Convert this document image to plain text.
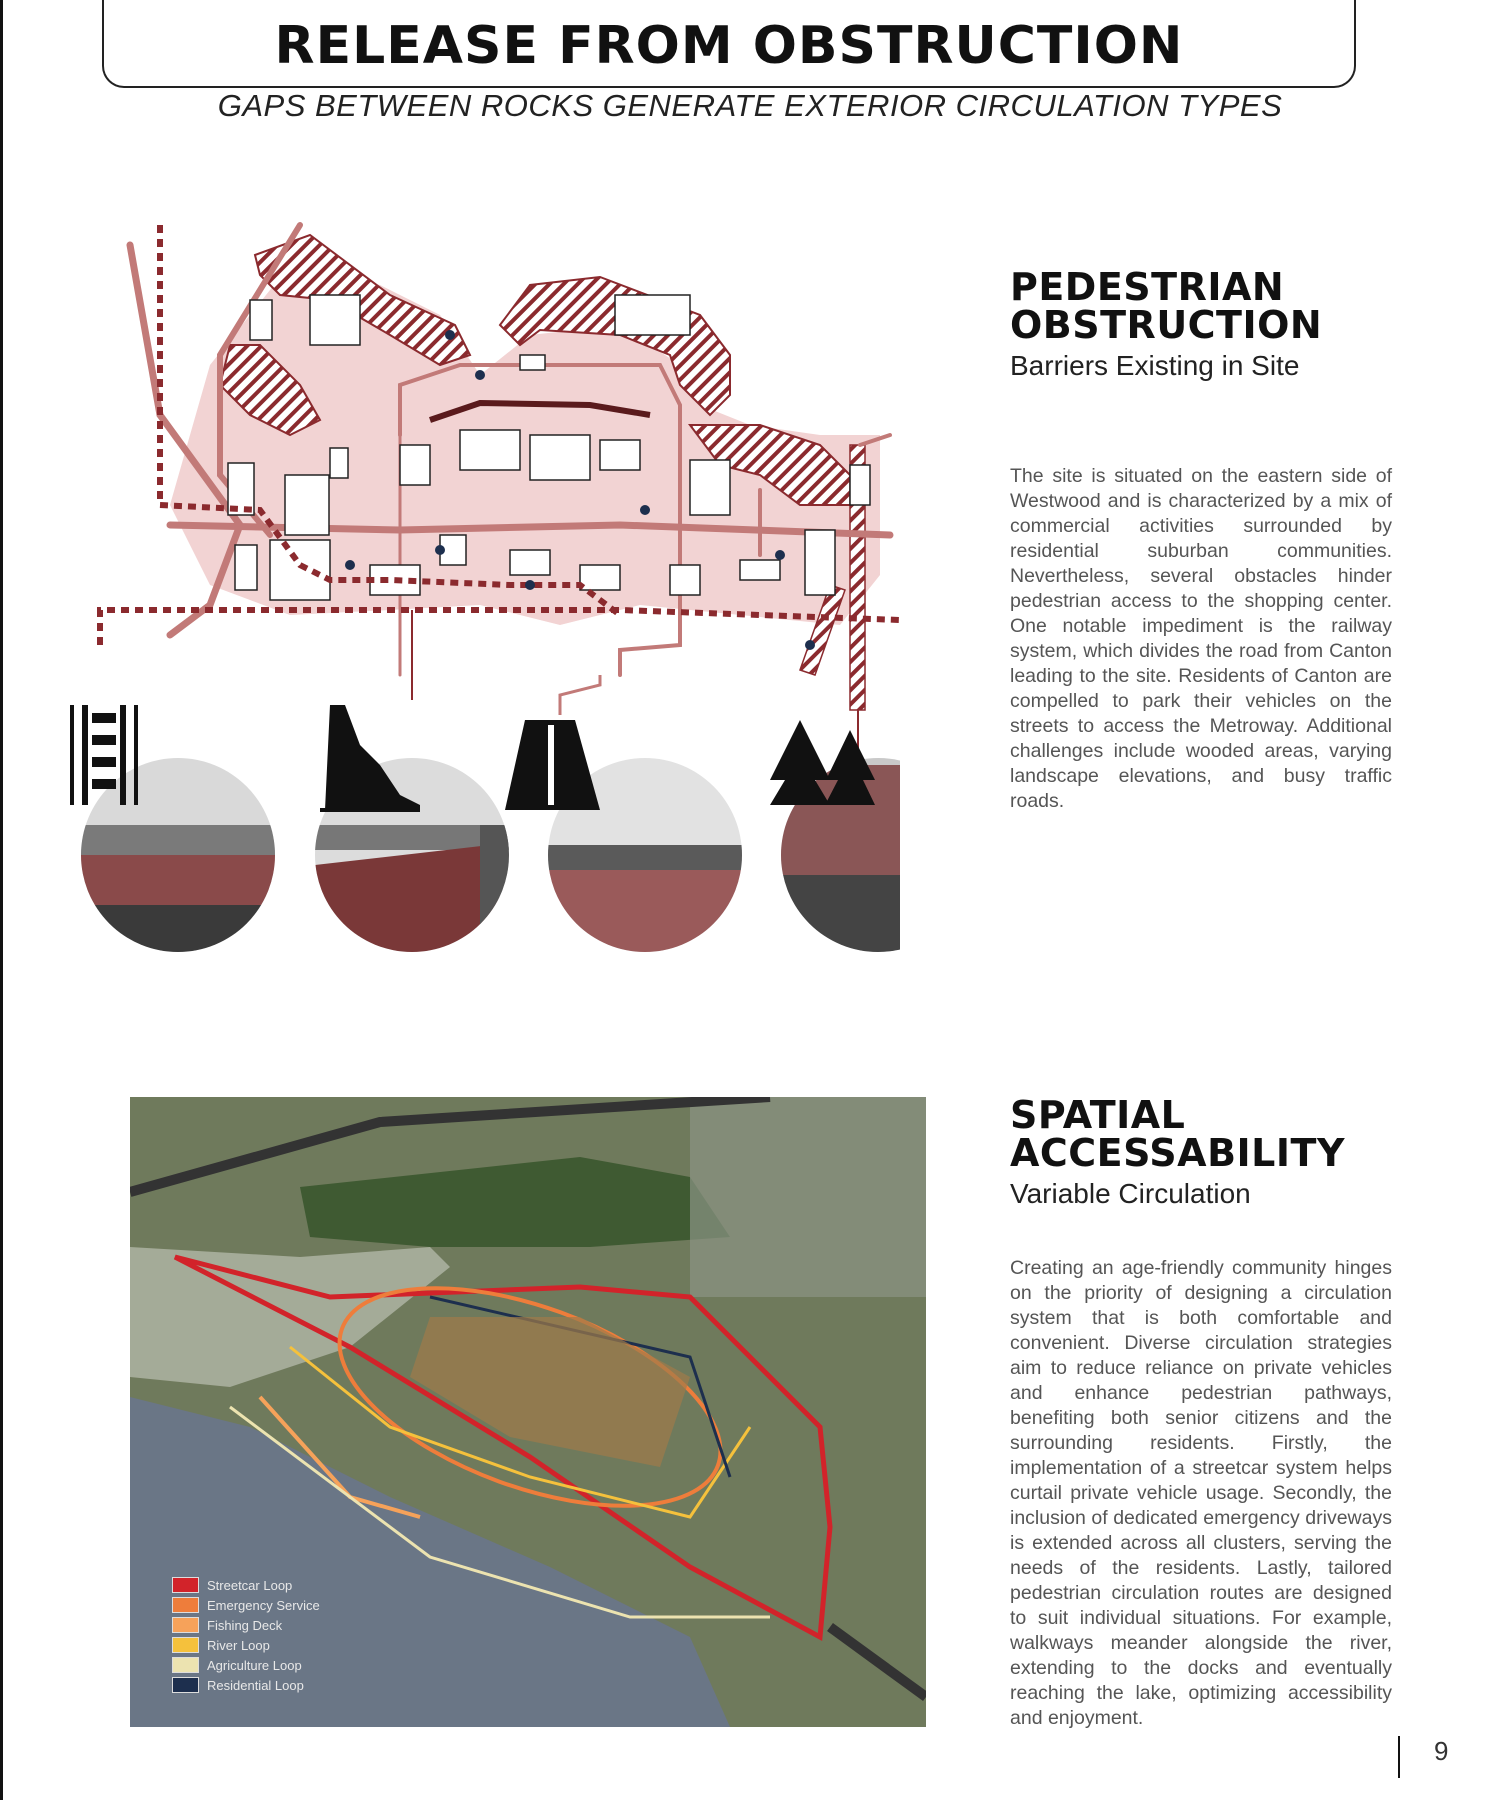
RELEASE FROM OBSTRUCTION
GAPS BETWEEN ROCKS GENERATE EXTERIOR CIRCULATION TYPES
PEDESTRIAN
OBSTRUCTION
Barriers Existing in Site

The site is situated on the eastern side of Westwood and is characterized by a mix of commercial activities surrounded by residential suburban communities. Nevertheless, several obstacles hinder pedestrian access to the shopping center. One notable impediment is the railway system, which divides the road from Canton leading to the site. Residents of Canton are compelled to park their vehicles on the streets to access the Metroway. Additional challenges include wooded areas, varying landscape elevations, and busy traffic roads.

Streetcar Loop
Emergency Service
Fishing Deck
River Loop
Agriculture Loop
Residential Loop
SPATIAL
ACCESSABILITY
Variable Circulation

Creating an age-friendly community hinges on the priority of designing a circulation system that is both comfortable and convenient. Diverse circulation strategies aim to reduce reliance on private vehicles and enhance pedestrian pathways, benefiting both senior citizens and the surrounding residents. Firstly, the implementation of a streetcar system helps curtail private vehicle usage. Secondly, the inclusion of dedicated emergency driveways is extended across all clusters, serving the needs of the residents. Lastly, tailored pedestrian circulation routes are designed to suit individual situations. For example, walkways meander alongside the river, extending to the docks and eventually reaching the lake, optimizing accessibility and enjoyment.

9
